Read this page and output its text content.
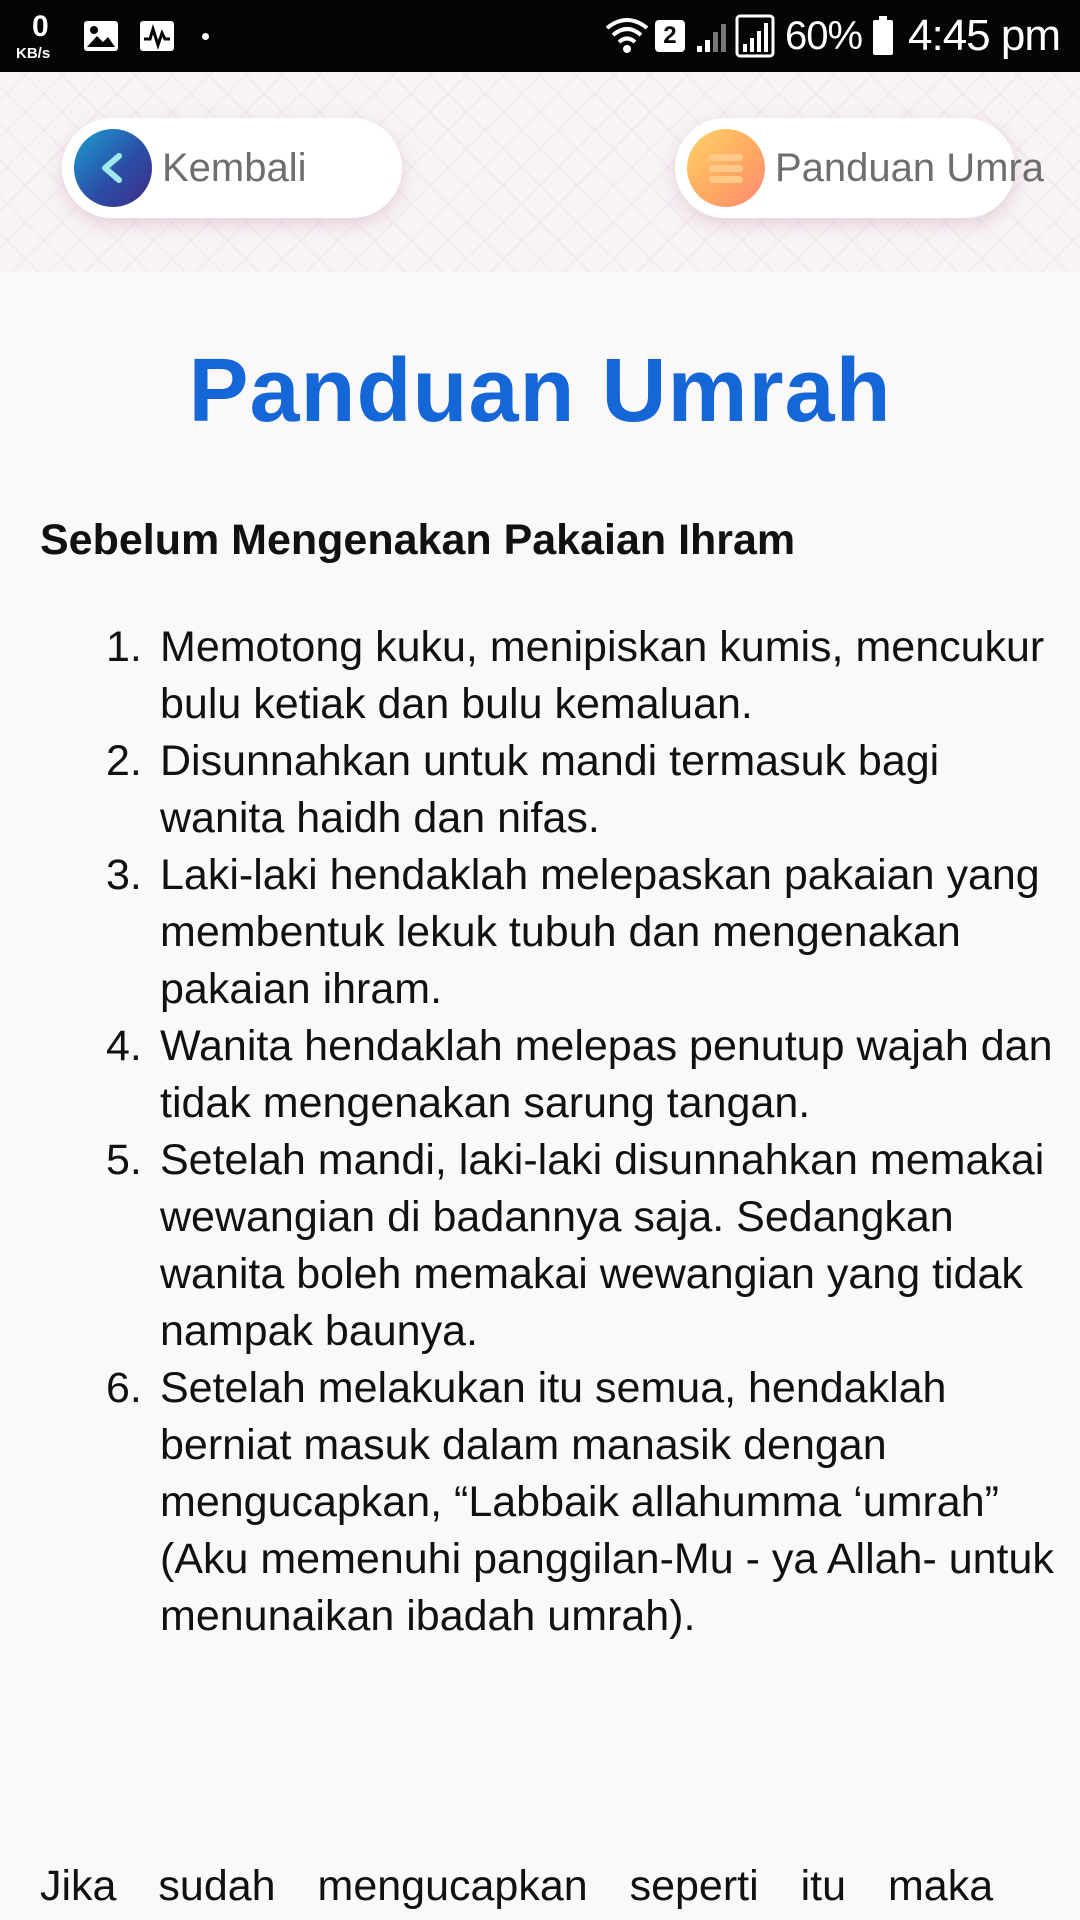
0
KB/s
2	60% 4:45 pm
Kembali	Panduan Umra
Panduan Umrah
Sebelum Mengenakan Pakaian Ihram
1. Memotong kuku, menipiskan kumis, mencukur bulu ketiak dan bulu kemaluan.
2. Disunnahkan untuk mandi termasuk bagi wanita haidh dan nifas.
3. Laki-laki hendaklah melepaskan pakaian yang membentuk lekuk tubuh dan mengenakan pakaian ihram.
4. Wanita hendaklah melepas penutup wajah dan tidak mengenakan sarung tangan.
5. Setelah mandi, laki-laki disunnahkan memakai wewangian di badannya saja. Sedangkan wanita boleh memakai wewangian yang tidak nampak baunya.
6. Setelah melakukan itu semua, hendaklah berniat masuk dalam manasik dengan mengucapkan, “Labbaik allahumma ‘umrah” (Aku memenuhi panggilan-Mu - ya Allah- untuk menunaikan ibadah umrah).
Jika sudah mengucapkan seperti itu maka
